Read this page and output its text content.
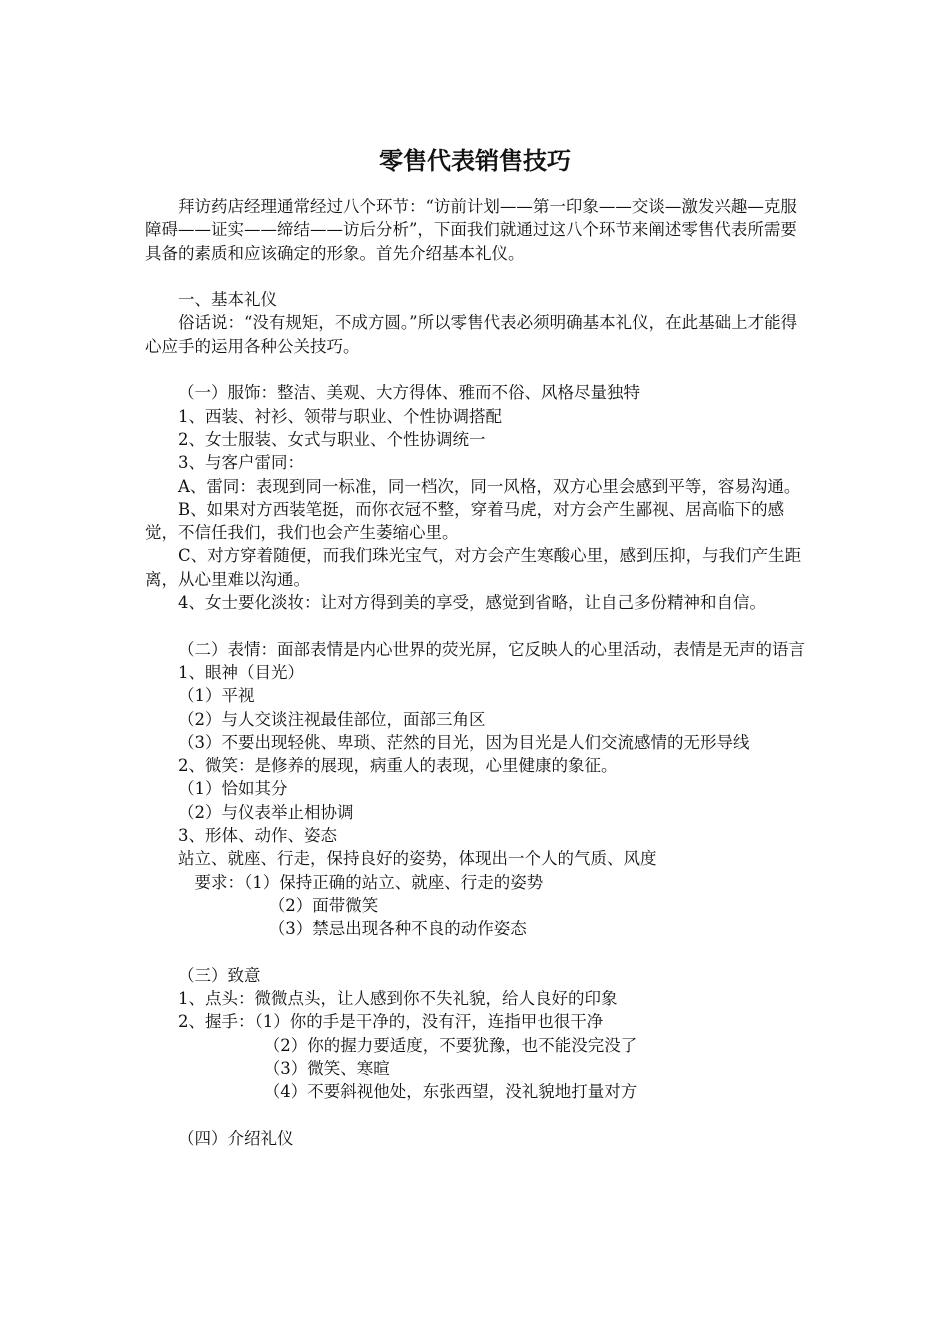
零售代表销售技巧

拜访药店经理通常经过八个环节：“访前计划——第一印象——交谈—激发兴趣—克服障碍——证实——缔结——访后分析”，下面我们就通过这八个环节来阐述零售代表所需要具备的素质和应该确定的形象。首先介绍基本礼仪。

一、基本礼仪

俗话说：“没有规矩，不成方圆。”所以零售代表必须明确基本礼仪，在此基础上才能得心应手的运用各种公关技巧。

（一）服饰：整洁、美观、大方得体、雅而不俗、风格尽量独特

1、西装、衬衫、领带与职业、个性协调搭配

2、女士服装、女式与职业、个性协调统一

3、与客户雷同：

A、雷同：表现到同一标准，同一档次，同一风格，双方心里会感到平等，容易沟通。

B、如果对方西装笔挺，而你衣冠不整，穿着马虎，对方会产生鄙视、居高临下的感觉，不信任我们，我们也会产生萎缩心里。

C、对方穿着随便，而我们珠光宝气，对方会产生寒酸心里，感到压抑，与我们产生距离，从心里难以沟通。

4、女士要化淡妆：让对方得到美的享受，感觉到省略，让自己多份精神和自信。

（二）表情：面部表情是内心世界的荧光屏，它反映人的心里活动，表情是无声的语言

1、眼神（目光）

（1）平视

（2）与人交谈注视最佳部位，面部三角区

（3）不要出现轻佻、卑琐、茫然的目光，因为目光是人们交流感情的无形导线

2、微笑：是修养的展现，病重人的表现，心里健康的象征。

（1）恰如其分

（2）与仪表举止相协调

3、形体、动作、姿态

站立、就座、行走，保持良好的姿势，体现出一个人的气质、风度

要求：（1）保持正确的站立、就座、行走的姿势

（2）面带微笑

（3）禁忌出现各种不良的动作姿态

（三）致意

1、点头：微微点头，让人感到你不失礼貌，给人良好的印象

2、握手：（1）你的手是干净的，没有汗，连指甲也很干净

（2）你的握力要适度，不要犹豫，也不能没完没了

（3）微笑、寒暄

（4）不要斜视他处，东张西望，没礼貌地打量对方

（四）介绍礼仪
